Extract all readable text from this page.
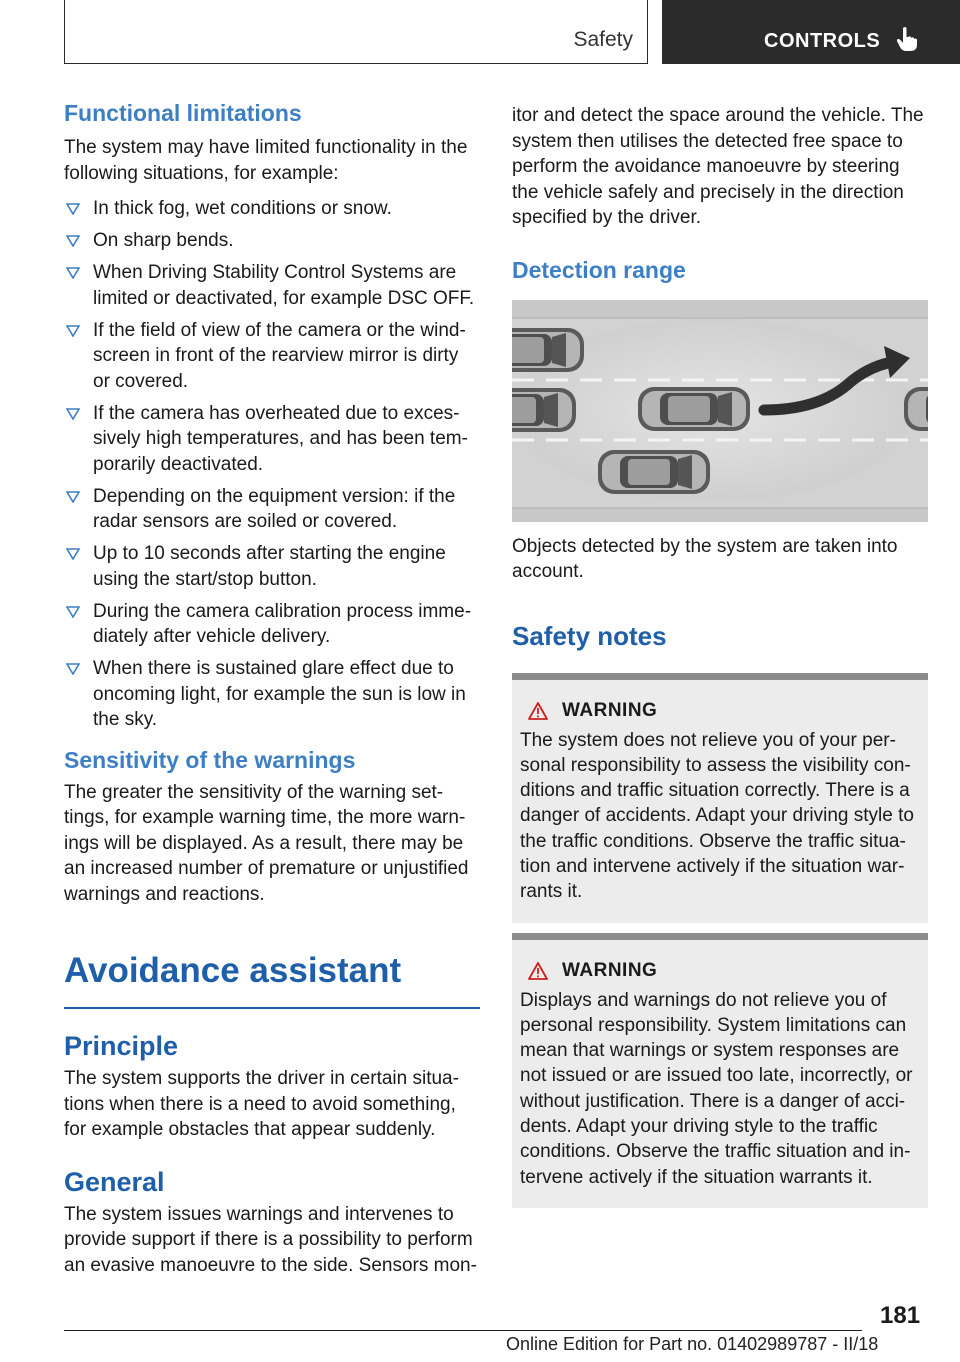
Safety	CONTROLS
Functional limitations

The system may have limited functionality in the following situations, for example:

In thick fog, wet conditions or snow.
On sharp bends.
When Driving Stability Control Systems are limited or deactivated, for example DSC OFF.
If the field of view of the camera or the wind‐screen in front of the rearview mirror is dirty or covered.
If the camera has overheated due to exces‐sively high temperatures, and has been tem‐porarily deactivated.
Depending on the equipment version: if the radar sensors are soiled or covered.
Up to 10 seconds after starting the engine using the start/stop button.
During the camera calibration process imme‐diately after vehicle delivery.
When there is sustained glare effect due to oncoming light, for example the sun is low in the sky.
Sensitivity of the warnings

The greater the sensitivity of the warning set‐tings, for example warning time, the more warn‐ings will be displayed. As a result, there may be an increased number of premature or unjustified warnings and reactions.

Avoidance assistant
Principle

The system supports the driver in certain situa‐tions when there is a need to avoid something, for example obstacles that appear suddenly.

General

The system issues warnings and intervenes to provide support if there is a possibility to perform an evasive manoeuvre to the side. Sensors mon‐

itor and detect the space around the vehicle. The system then utilises the detected free space to perform the avoidance manoeuvre by steering the vehicle safely and precisely in the direction specified by the driver.

Detection range

Objects detected by the system are taken into account.

Safety notes
WARNING

The system does not relieve you of your per‐sonal responsibility to assess the visibility con‐ditions and traffic situation correctly. There is a danger of accidents. Adapt your driving style to the traffic conditions. Observe the traffic situa‐tion and intervene actively if the situation war‐rants it.

WARNING

Displays and warnings do not relieve you of personal responsibility. System limitations can mean that warnings or system responses are not issued or are issued too late, incorrectly, or without justification. There is a danger of acci‐dents. Adapt your driving style to the traffic conditions. Observe the traffic situation and in‐tervene actively if the situation warrants it.

181
Online Edition for Part no. 01402989787 - II/18
